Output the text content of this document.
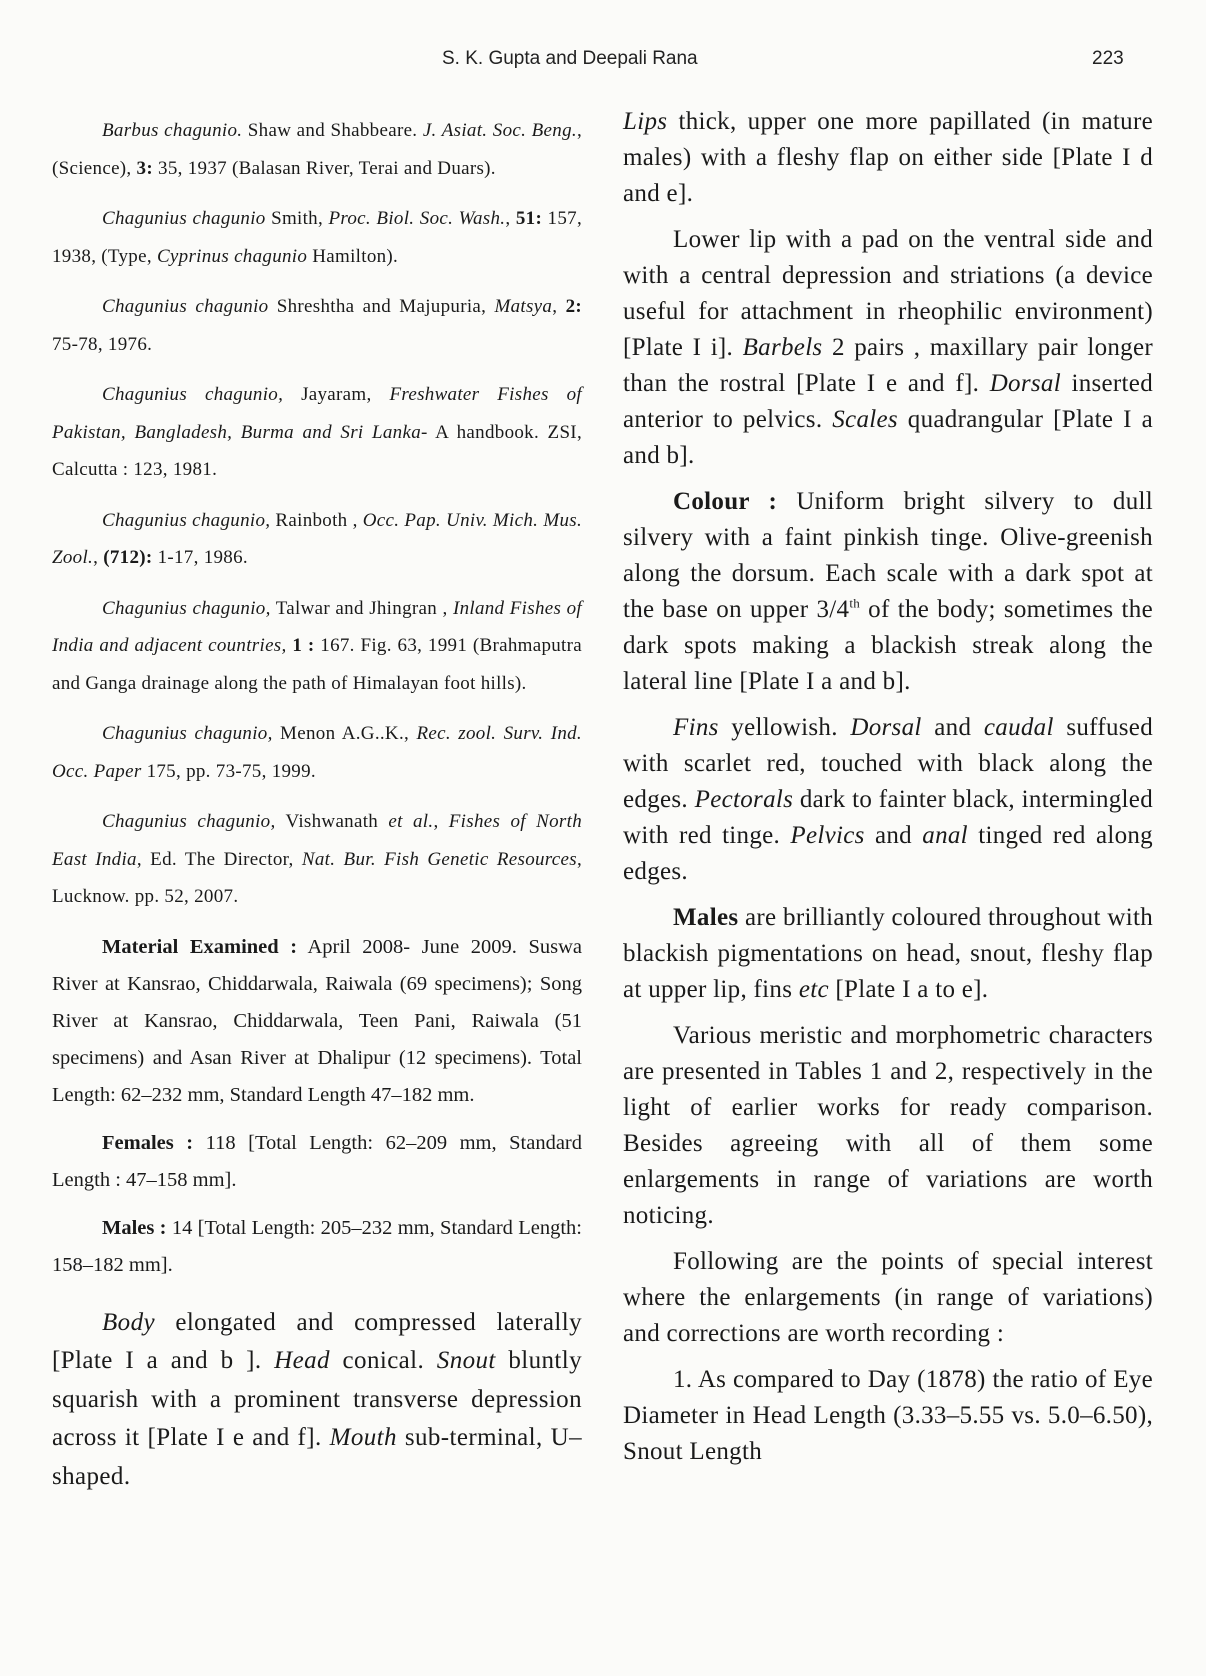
S. K. Gupta and Deepali Rana	223

Barbus chagunio. Shaw and Shabbeare. J. Asiat. Soc. Beng., (Science), 3: 35, 1937 (Balasan River, Terai and Duars).

Chagunius chagunio Smith, Proc. Biol. Soc. Wash., 51: 157, 1938, (Type, Cyprinus chagunio Hamilton).

Chagunius chagunio Shreshtha and Majupuria, Matsya, 2: 75-78, 1976.

Chagunius chagunio, Jayaram, Freshwater Fishes of Pakistan, Bangladesh, Burma and Sri Lanka- A handbook. ZSI, Calcutta : 123, 1981.

Chagunius chagunio, Rainboth , Occ. Pap. Univ. Mich. Mus. Zool., (712): 1-17, 1986.

Chagunius chagunio, Talwar and Jhingran , Inland Fishes of India and adjacent countries, 1 : 167. Fig. 63, 1991 (Brahmaputra and Ganga drainage along the path of Himalayan foot hills).

Chagunius chagunio, Menon A.G..K., Rec. zool. Surv. Ind. Occ. Paper 175, pp. 73-75, 1999.

Chagunius chagunio, Vishwanath et al., Fishes of North East India, Ed. The Director, Nat. Bur. Fish Genetic Resources, Lucknow. pp. 52, 2007.

Material Examined : April 2008- June 2009. Suswa River at Kansrao, Chiddarwala, Raiwala (69 specimens); Song River at Kansrao, Chiddarwala, Teen Pani, Raiwala (51 specimens) and Asan River at Dhalipur (12 specimens). Total Length: 62–232 mm, Standard Length 47–182 mm.

Females : 118 [Total Length: 62–209 mm, Standard Length : 47–158 mm].

Males : 14 [Total Length: 205–232 mm, Standard Length: 158–182 mm].

Body elongated and compressed laterally [Plate I a and b ]. Head conical. Snout bluntly squarish with a prominent transverse depression across it [Plate I e and f]. Mouth sub-terminal, U–shaped.

Lips thick, upper one more papillated (in mature males) with a fleshy flap on either side [Plate I d and e].

Lower lip with a pad on the ventral side and with a central depression and striations (a device useful for attachment in rheophilic environment) [Plate I i]. Barbels 2 pairs , maxillary pair longer than the rostral [Plate I e and f]. Dorsal inserted anterior to pelvics. Scales quadrangular [Plate I a and b].

Colour : Uniform bright silvery to dull silvery with a faint pinkish tinge. Olive-greenish along the dorsum. Each scale with a dark spot at the base on upper 3/4th of the body; sometimes the dark spots making a blackish streak along the lateral line [Plate I a and b].

Fins yellowish. Dorsal and caudal suffused with scarlet red, touched with black along the edges. Pectorals dark to fainter black, intermingled with red tinge. Pelvics and anal tinged red along edges.

Males are brilliantly coloured throughout with blackish pigmentations on head, snout, fleshy flap at upper lip, fins etc [Plate I a to e].

Various meristic and morphometric characters are presented in Tables 1 and 2, respectively in the light of earlier works for ready comparison. Besides agreeing with all of them some enlargements in range of variations are worth noticing.

Following are the points of special interest where the enlargements (in range of variations) and corrections are worth recording :

1. As compared to Day (1878) the ratio of Eye Diameter in Head Length (3.33–5.55 vs. 5.0–6.50), Snout Length
